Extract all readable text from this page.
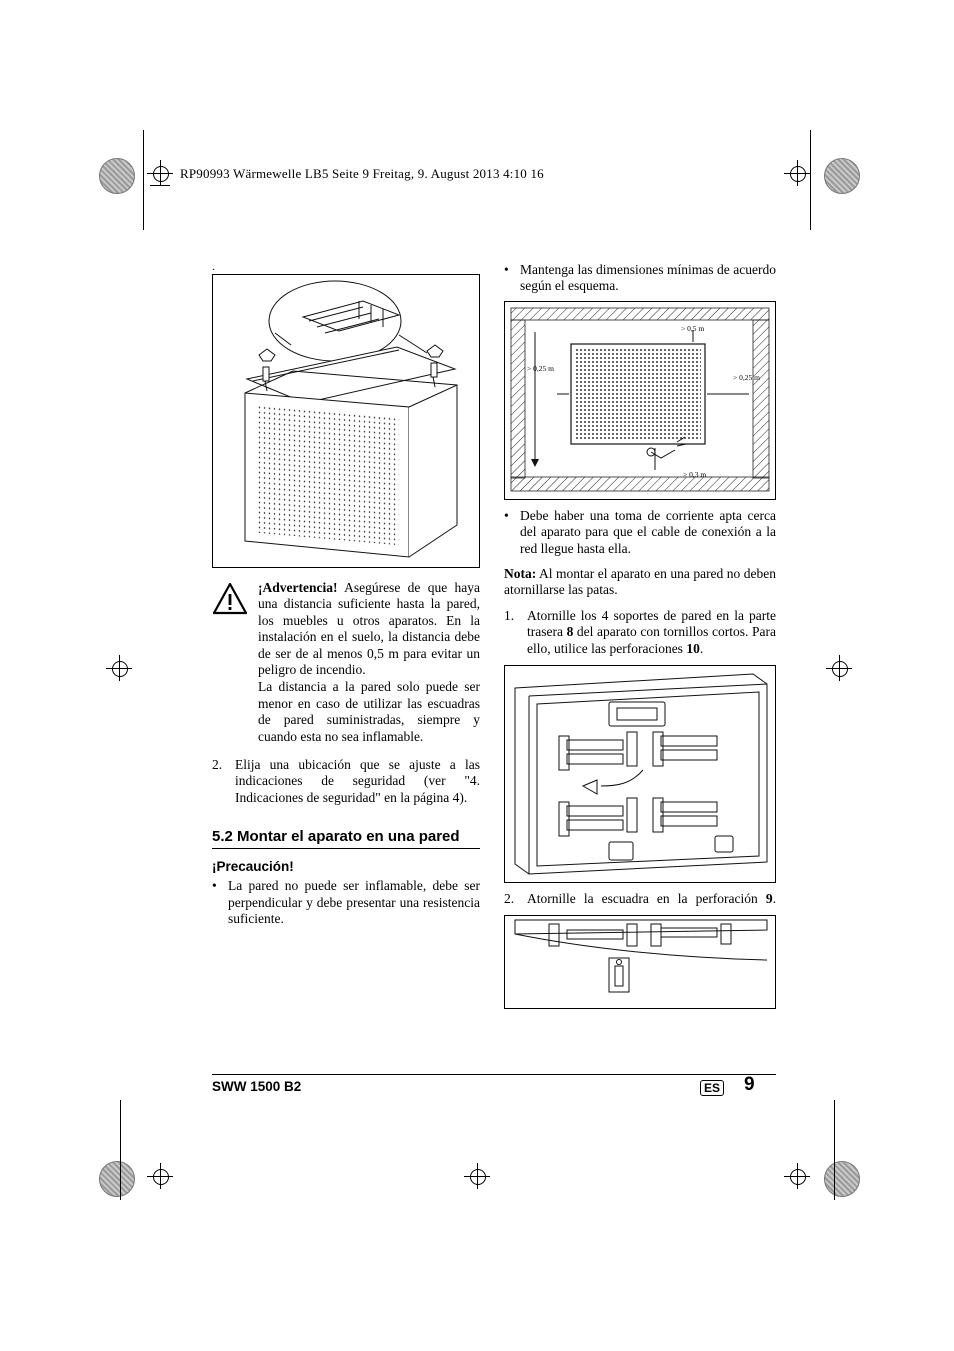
RP90993 Wärmewelle LB5 Seite 9 Freitag, 9. August 2013 4:10 16
.

¡Advertencia! Asegúrese de que haya una distancia suficiente hasta la pared, los muebles u otros aparatos. En la instalación en el suelo, la distancia debe de ser de al menos 0,5 m para evitar un peligro de incendio.

La distancia a la pared solo puede ser menor en caso de utilizar las escuadras de pared suministradas, siempre y cuando esta no sea inflamable.

2. Elija una ubicación que se ajuste a las indicaciones de seguridad (ver "4. Indicaciones de seguridad" en la página 4).
5.2 Montar el aparato en una pared
¡Precaución!
• La pared no puede ser inflamable, debe ser perpendicular y debe presentar una resistencia suficiente.
• Mantenga las dimensiones mínimas de acuerdo según el esquema.
> 0,5 m
> 0,25 m
> 0,25 m
> 0,3 m
• Debe haber una toma de corriente apta cerca del aparato para que el cable de conexión a la red llegue hasta ella.

Nota: Al montar el aparato en una pared no deben atornillarse las patas.

1. Atornille los 4 soportes de pared en la parte trasera 8 del aparato con tornillos cortos. Para ello, utilice las perforaciones 10.
2. Atornille la escuadra en la perforación 9.
SWW 1500 B2	ES 9
